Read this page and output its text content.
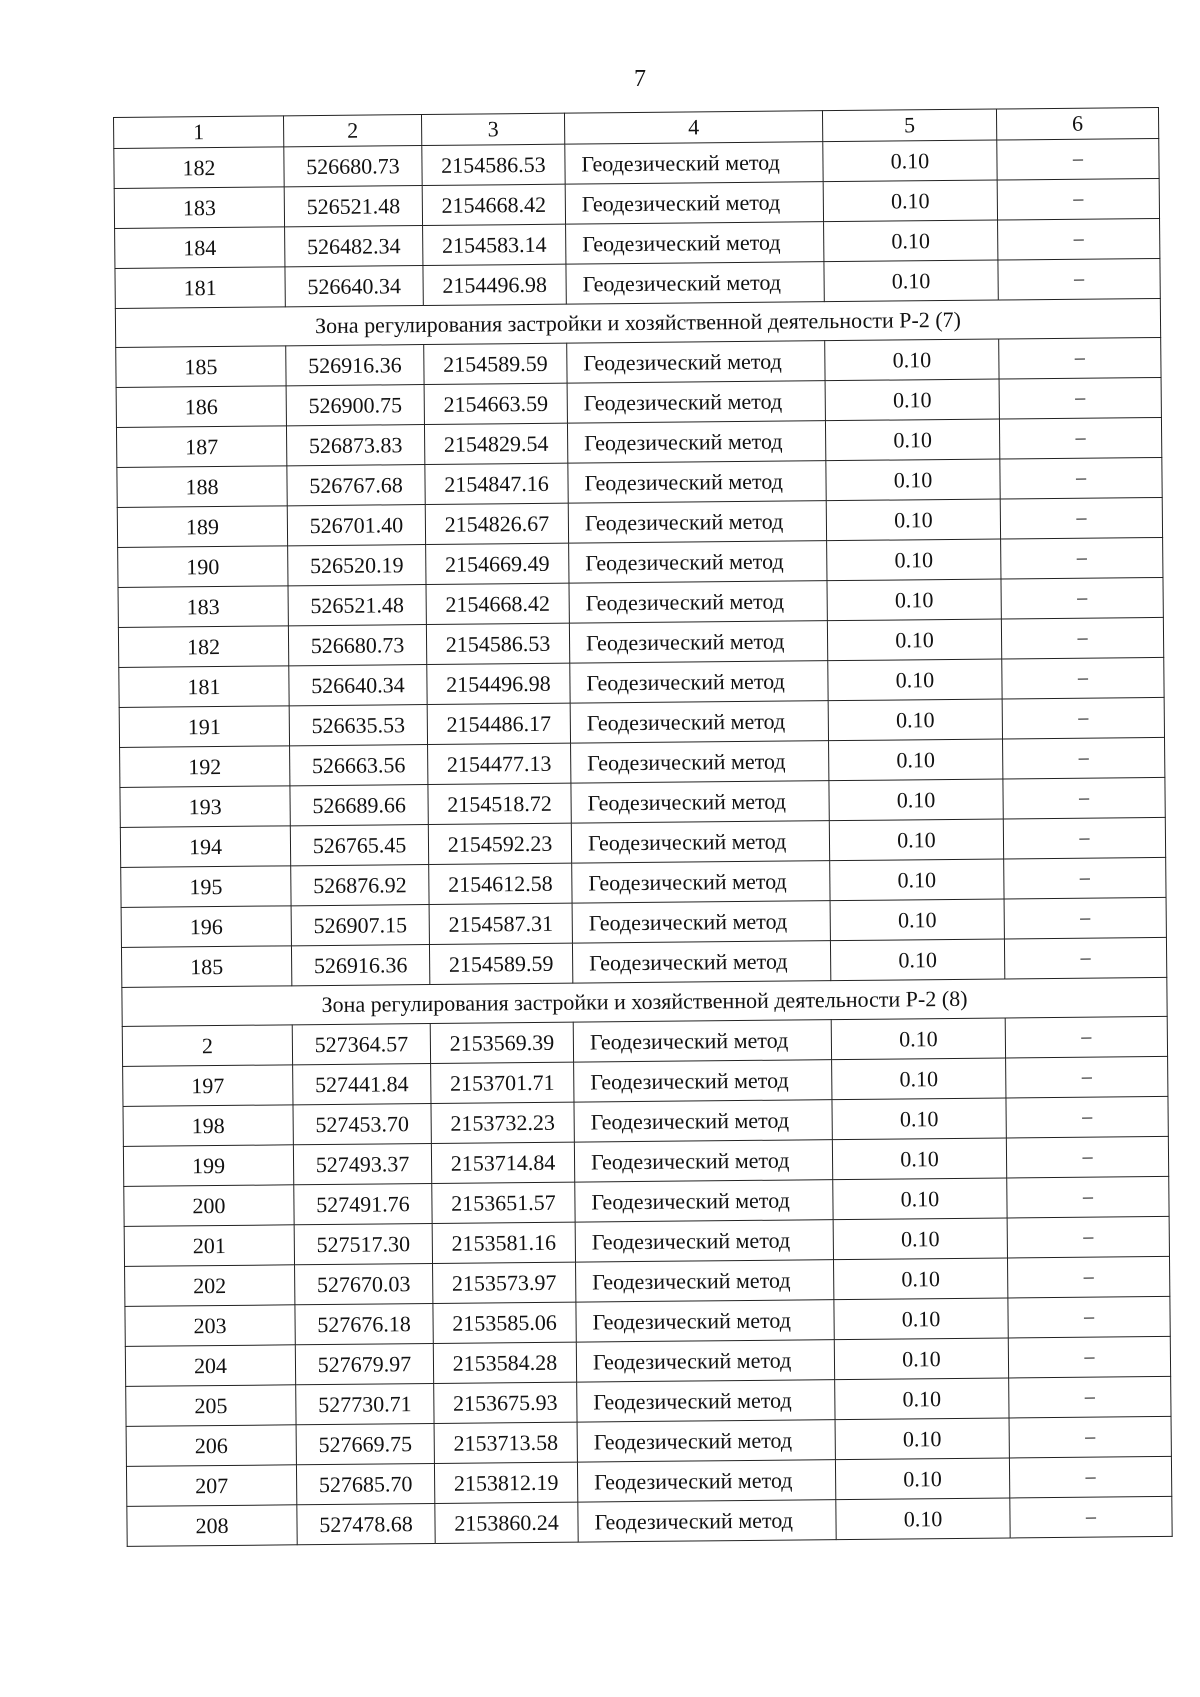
7
1	2	3	4	5	6
182	526680.73	2154586.53	Геодезический метод	0.10	–
183	526521.48	2154668.42	Геодезический метод	0.10	–
184	526482.34	2154583.14	Геодезический метод	0.10	–
181	526640.34	2154496.98	Геодезический метод	0.10	–
Зона регулирования застройки и хозяйственной деятельности Р-2 (7)					
185	526916.36	2154589.59	Геодезический метод	0.10	–
186	526900.75	2154663.59	Геодезический метод	0.10	–
187	526873.83	2154829.54	Геодезический метод	0.10	–
188	526767.68	2154847.16	Геодезический метод	0.10	–
189	526701.40	2154826.67	Геодезический метод	0.10	–
190	526520.19	2154669.49	Геодезический метод	0.10	–
183	526521.48	2154668.42	Геодезический метод	0.10	–
182	526680.73	2154586.53	Геодезический метод	0.10	–
181	526640.34	2154496.98	Геодезический метод	0.10	–
191	526635.53	2154486.17	Геодезический метод	0.10	–
192	526663.56	2154477.13	Геодезический метод	0.10	–
193	526689.66	2154518.72	Геодезический метод	0.10	–
194	526765.45	2154592.23	Геодезический метод	0.10	–
195	526876.92	2154612.58	Геодезический метод	0.10	–
196	526907.15	2154587.31	Геодезический метод	0.10	–
185	526916.36	2154589.59	Геодезический метод	0.10	–
Зона регулирования застройки и хозяйственной деятельности Р-2 (8)					
2	527364.57	2153569.39	Геодезический метод	0.10	–
197	527441.84	2153701.71	Геодезический метод	0.10	–
198	527453.70	2153732.23	Геодезический метод	0.10	–
199	527493.37	2153714.84	Геодезический метод	0.10	–
200	527491.76	2153651.57	Геодезический метод	0.10	–
201	527517.30	2153581.16	Геодезический метод	0.10	–
202	527670.03	2153573.97	Геодезический метод	0.10	–
203	527676.18	2153585.06	Геодезический метод	0.10	–
204	527679.97	2153584.28	Геодезический метод	0.10	–
205	527730.71	2153675.93	Геодезический метод	0.10	–
206	527669.75	2153713.58	Геодезический метод	0.10	–
207	527685.70	2153812.19	Геодезический метод	0.10	–
208	527478.68	2153860.24	Геодезический метод	0.10	–
